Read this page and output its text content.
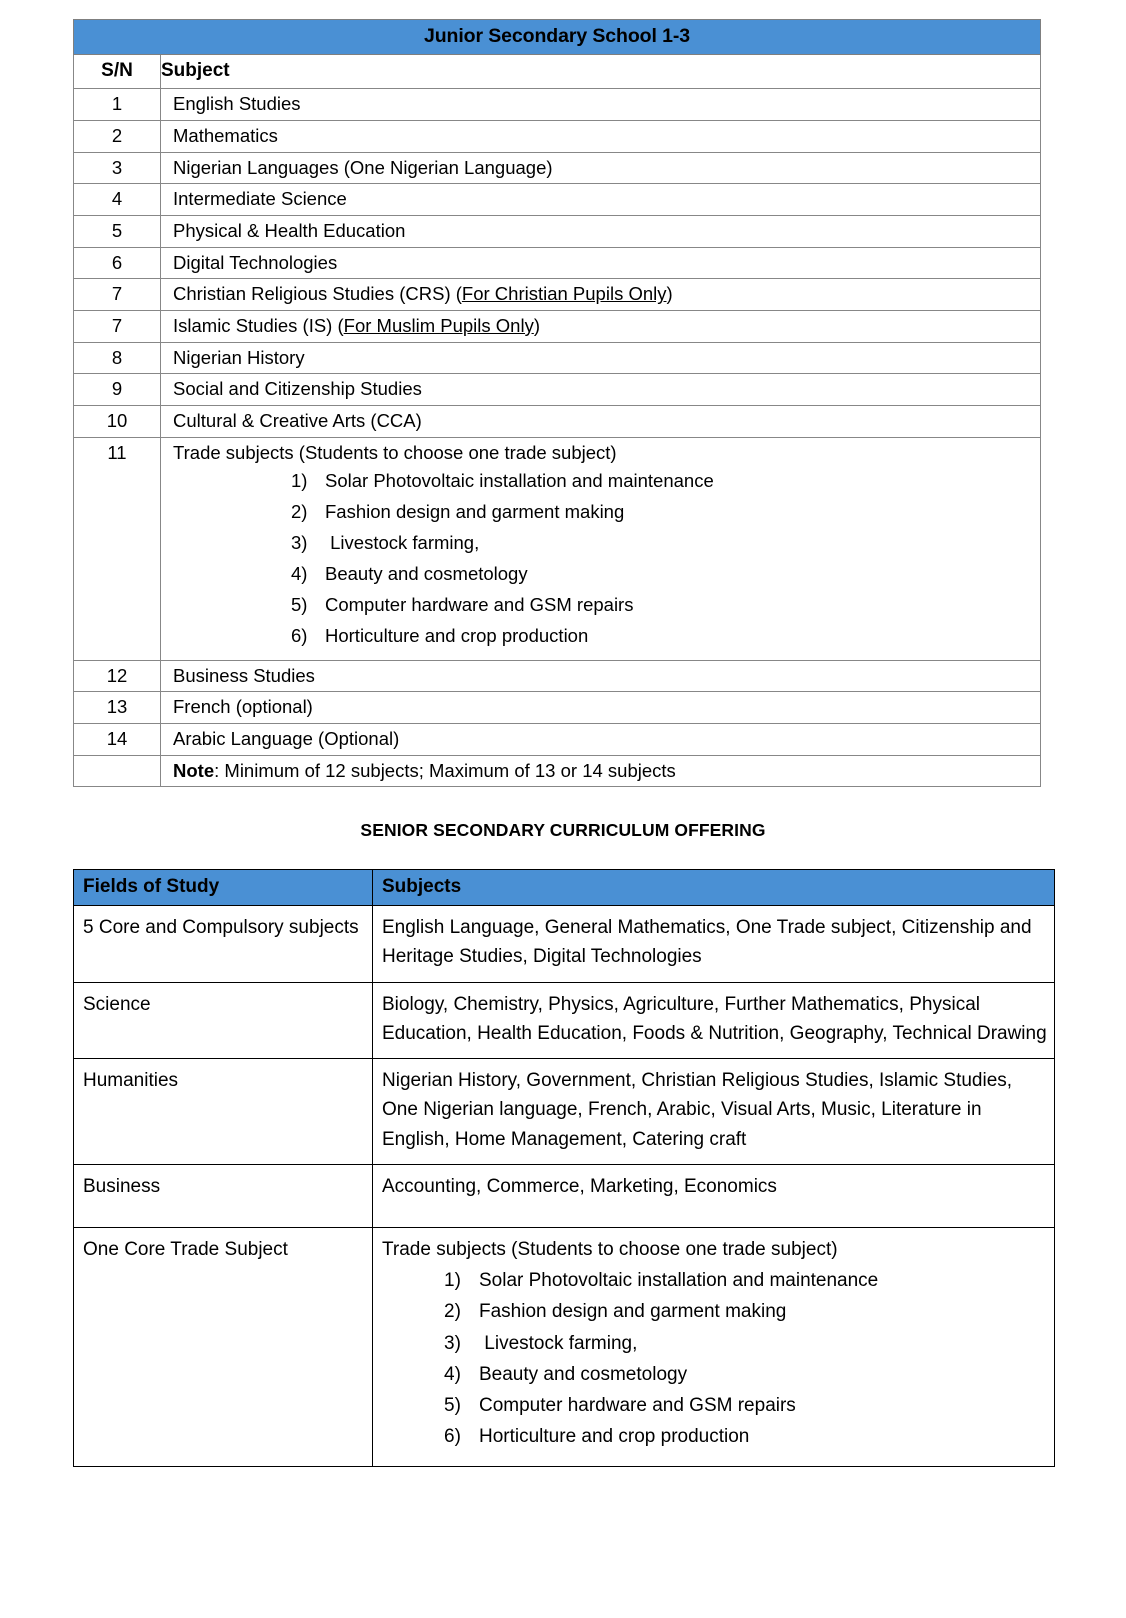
Junior Secondary School 1-3	
S/N	Subject
1	English Studies
2	Mathematics
3	Nigerian Languages (One Nigerian Language)
4	Intermediate Science
5	Physical & Health Education
6	Digital Technologies
7	Christian Religious Studies (CRS) (For Christian Pupils Only)
7	Islamic Studies (IS) (For Muslim Pupils Only)
8	Nigerian History
9	Social and Citizenship Studies
10	Cultural & Creative Arts (CCA)
11	Trade subjects (Students to choose one trade subject)
1) Solar Photovoltaic installation and maintenance
2) Fashion design and garment making
3) Livestock farming,
4) Beauty and cosmetology
5) Computer hardware and GSM repairs
6) Horticulture and crop production

12	Business Studies
13	French (optional)
14	Arabic Language (Optional)
	Note: Minimum of 12 subjects; Maximum of 13 or 14 subjects
SENIOR SECONDARY CURRICULUM OFFERING
Fields of Study	Subjects
5 Core and Compulsory subjects	English Language, General Mathematics, One Trade subject, Citizenship and Heritage Studies, Digital Technologies
Science	Biology, Chemistry, Physics, Agriculture, Further Mathematics, Physical Education, Health Education, Foods & Nutrition, Geography, Technical Drawing
Humanities	Nigerian History, Government, Christian Religious Studies, Islamic Studies, One Nigerian language, French, Arabic, Visual Arts, Music, Literature in English, Home Management, Catering craft
Business	Accounting, Commerce, Marketing, Economics
One Core Trade Subject	Trade subjects (Students to choose one trade subject)
1) Solar Photovoltaic installation and maintenance
2) Fashion design and garment making
3) Livestock farming,
4) Beauty and cosmetology
5) Computer hardware and GSM repairs
6) Horticulture and crop production
